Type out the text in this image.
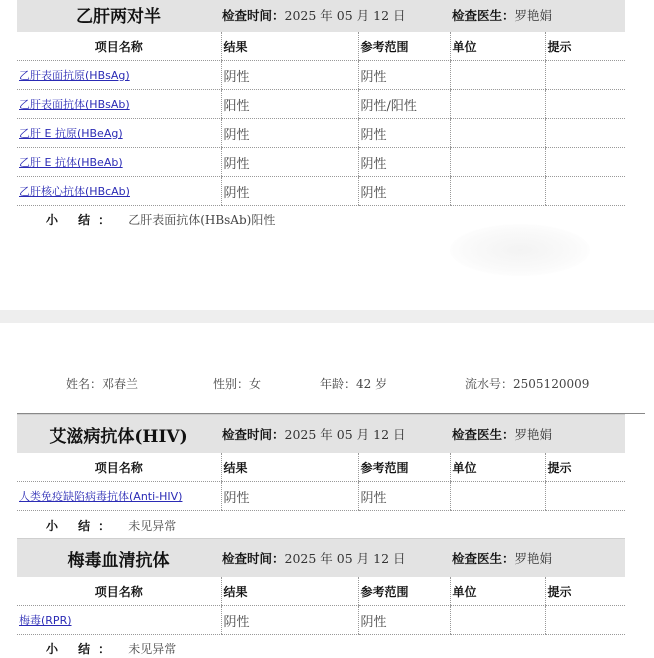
乙肝两对半	检查时间： 2025 年 05 月 12 日	检查医生： 罗艳娟
项目名称	结果	参考范围	单位	提示
乙肝表面抗原(HBsAg)	阴性	阴性		
乙肝表面抗体(HBsAb)	阳性	阴性/阳性		
乙肝 E 抗原(HBeAg)	阴性	阴性		
乙肝 E 抗体(HBeAb)	阴性	阴性		
乙肝核心抗体(HBcAb)	阴性	阴性		
小 结： 乙肝表面抗体(HBsAb)阳性
姓名：邓春兰	性别：女	年龄：42 岁	流水号：2505120009
艾滋病抗体(HIV)	检查时间： 2025 年 05 月 12 日	检查医生： 罗艳娟
项目名称	结果	参考范围	单位	提示
人类免疫缺陷病毒抗体(Anti-HIV)	阴性	阴性		
小 结： 未见异常
梅毒血清抗体	检查时间： 2025 年 05 月 12 日	检查医生： 罗艳娟
项目名称	结果	参考范围	单位	提示
梅毒(RPR)	阴性	阴性		
小 结： 未见异常
